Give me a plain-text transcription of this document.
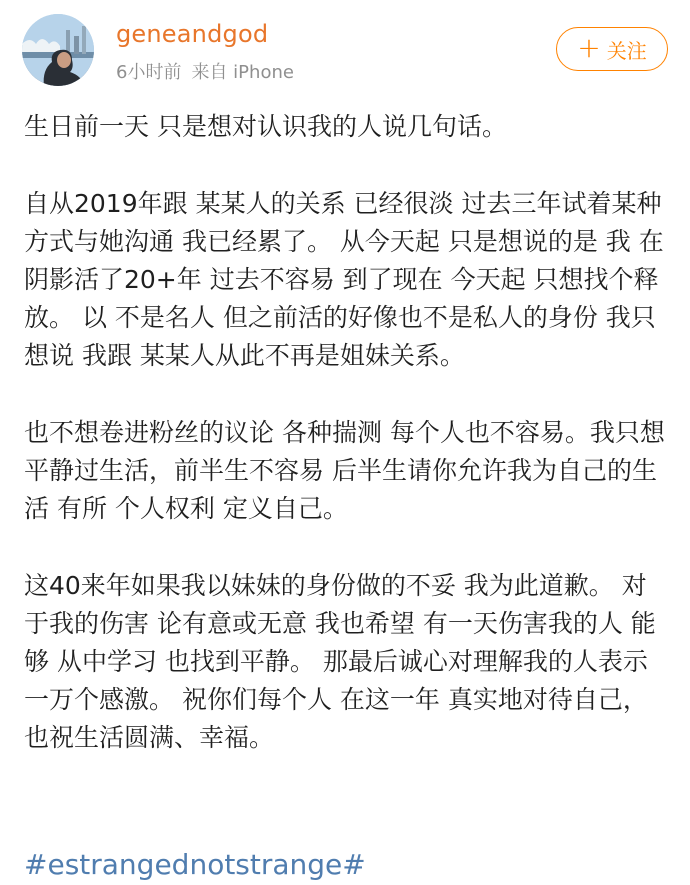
geneandgod
6小时前 来自 iPhone
+ 关注

生日前一天 只是想对认识我的人说几句话。

自从2019年跟 某某人的关系 已经很淡 过去三年试着某种方式与她沟通 我已经累了。 从今天起 只是想说的是 我 在阴影活了20+年 过去不容易 到了现在 今天起 只想找个释放。 以 不是名人 但之前活的好像也不是私人的身份 我只想说 我跟 某某人从此不再是姐妹关系。

也不想卷进粉丝的议论 各种揣测 每个人也不容易。我只想平静过生活，前半生不容易 后半生请你允许我为自己的生活 有所 个人权利 定义自己。

这40来年如果我以妹妹的身份做的不妥 我为此道歉。 对于我的伤害 论有意或无意 我也希望 有一天伤害我的人 能够 从中学习 也找到平静。 那最后诚心对理解我的人表示一万个感激。 祝你们每个人 在这一年 真实地对待自己，也祝生活圆满、幸福。

#estrangednotstrange#
